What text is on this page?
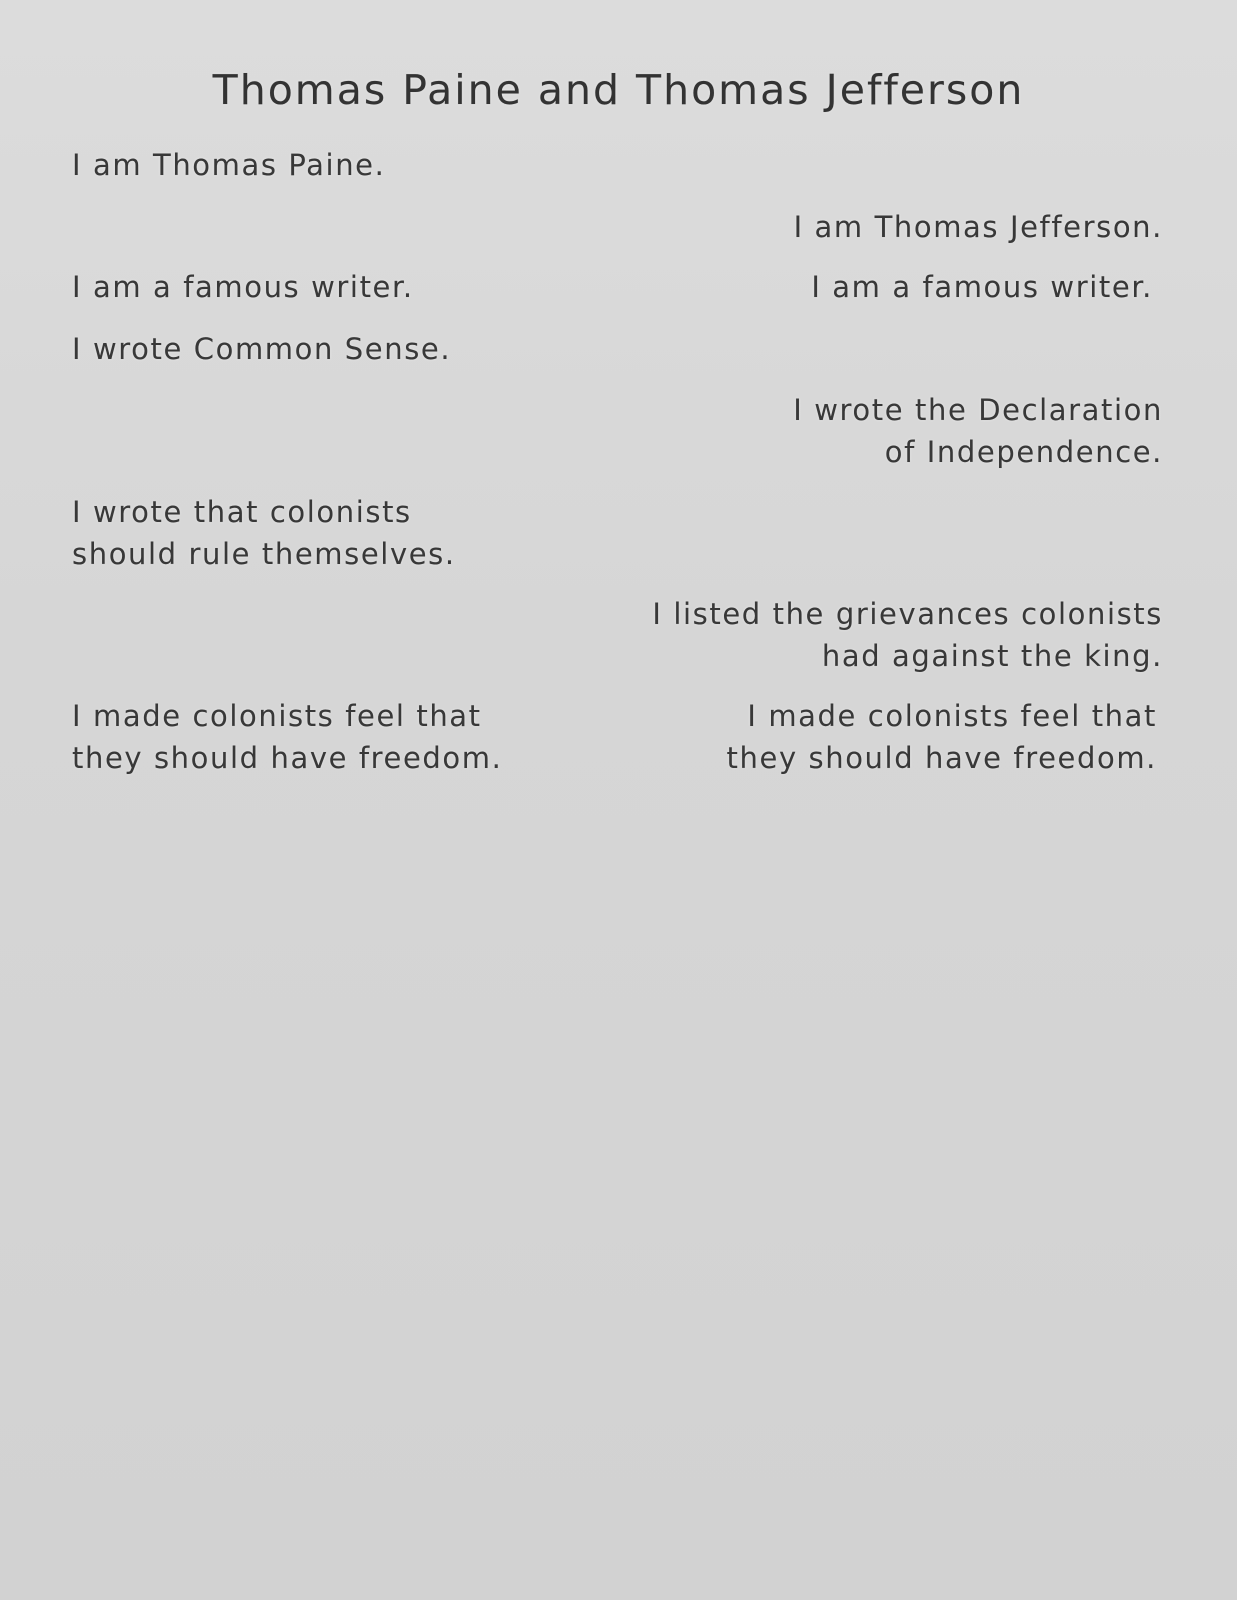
Thomas Paine and Thomas Jefferson
I am Thomas Paine.
I am a famous writer.
I wrote Common Sense.
I wrote that colonists
should rule themselves.
I made colonists feel that
they should have freedom.
I am Thomas Jefferson.
I am a famous writer.
I wrote the Declaration
of Independence.
I listed the grievances colonists
had against the king.
I made colonists feel that
they should have freedom.
